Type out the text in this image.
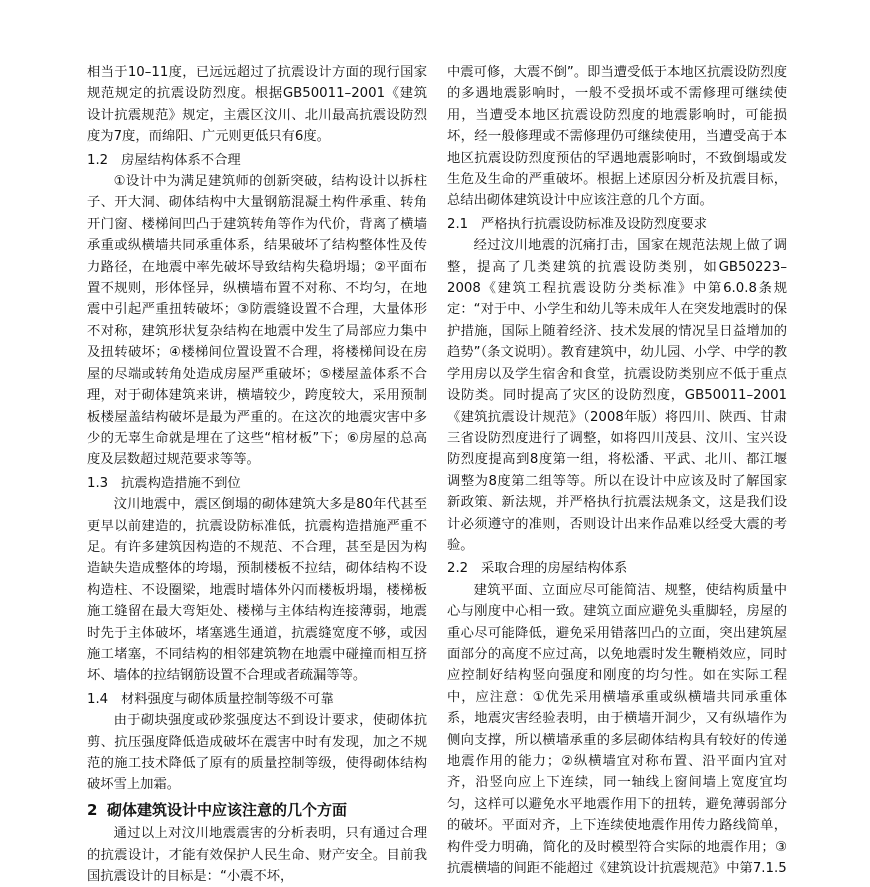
相当于10–11度，已远远超过了抗震设计方面的现行国家规范规定的抗震设防烈度。根据GB50011–2001《建筑设计抗震规范》规定，主震区汶川、北川最高抗震设防烈度为7度，而绵阳、广元则更低只有6度。

1.2 房屋结构体系不合理

①设计中为满足建筑师的创新突破，结构设计以拆柱子、开大洞、砌体结构中大量钢筋混凝土构件承重、转角开门窗、楼梯间凹凸于建筑转角等作为代价，背离了横墙承重或纵横墙共同承重体系，结果破坏了结构整体性及传力路径，在地震中率先破坏导致结构失稳坍塌；②平面布置不规则，形体怪异，纵横墙布置不对称、不均匀，在地震中引起严重扭转破坏；③防震缝设置不合理，大量体形不对称，建筑形状复杂结构在地震中发生了局部应力集中及扭转破坏；④楼梯间位置设置不合理，将楼梯间设在房屋的尽端或转角处造成房屋严重破坏；⑤楼屋盖体系不合理，对于砌体建筑来讲，横墙较少，跨度较大，采用预制板楼屋盖结构破坏是最为严重的。在这次的地震灾害中多少的无辜生命就是埋在了这些“棺材板”下；⑥房屋的总高度及层数超过规范要求等等。

1.3 抗震构造措施不到位

汶川地震中，震区倒塌的砌体建筑大多是80年代甚至更早以前建造的，抗震设防标准低，抗震构造措施严重不足。有许多建筑因构造的不规范、不合理，甚至是因为构造缺失造成整体的垮塌，预制楼板不拉结，砌体结构不设构造柱、不设圈梁，地震时墙体外闪而楼板坍塌，楼梯板施工缝留在最大弯矩处、楼梯与主体结构连接薄弱，地震时先于主体破坏，堵塞逃生通道，抗震缝宽度不够，或因施工堵塞，不同结构的相邻建筑物在地震中碰撞而相互挤坏、墙体的拉结钢筋设置不合理或者疏漏等等。

1.4 材料强度与砌体质量控制等级不可靠

由于砌块强度或砂浆强度达不到设计要求，使砌体抗剪、抗压强度降低造成破坏在震害中时有发现，加之不规范的施工技术降低了原有的质量控制等级，使得砌体结构破坏雪上加霜。

2 砌体建筑设计中应该注意的几个方面

通过以上对汶川地震震害的分析表明，只有通过合理的抗震设计，才能有效保护人民生命、财产安全。目前我国抗震设计的目标是：“小震不坏，

中震可修，大震不倒”。即当遭受低于本地区抗震设防烈度的多遇地震影响时，一般不受损坏或不需修理可继续使用，当遭受本地区抗震设防烈度的地震影响时，可能损坏，经一般修理或不需修理仍可继续使用，当遭受高于本地区抗震设防烈度预估的罕遇地震影响时，不致倒塌或发生危及生命的严重破坏。根据上述原因分析及抗震目标，总结出砌体建筑设计中应该注意的几个方面。

2.1 严格执行抗震设防标准及设防烈度要求

经过汶川地震的沉痛打击，国家在规范法规上做了调整，提高了几类建筑的抗震设防类别，如GB50223–2008《建筑工程抗震设防分类标准》中第6.0.8条规定：“对于中、小学生和幼儿等未成年人在突发地震时的保护措施，国际上随着经济、技术发展的情况呈日益增加的趋势”（条文说明）。教育建筑中，幼儿园、小学、中学的教学用房以及学生宿舍和食堂，抗震设防类别应不低于重点设防类。同时提高了灾区的设防烈度，GB50011–2001《建筑抗震设计规范》（2008年版）将四川、陕西、甘肃三省设防烈度进行了调整，如将四川茂县、汶川、宝兴设防烈度提高到8度第一组，将松潘、平武、北川、都江堰调整为8度第二组等等。所以在设计中应该及时了解国家新政策、新法规，并严格执行抗震法规条文，这是我们设计必须遵守的准则，否则设计出来作品难以经受大震的考验。

2.2 采取合理的房屋结构体系

建筑平面、立面应尽可能简洁、规整，使结构质量中心与刚度中心相一致。建筑立面应避免头重脚轻，房屋的重心尽可能降低，避免采用错落凹凸的立面，突出建筑屋面部分的高度不应过高，以免地震时发生鞭梢效应，同时应控制好结构竖向强度和刚度的均匀性。如在实际工程中，应注意：①优先采用横墙承重或纵横墙共同承重体系，地震灾害经验表明，由于横墙开洞少，又有纵墙作为侧向支撑，所以横墙承重的多层砌体结构具有较好的传递地震作用的能力；②纵横墙宜对称布置、沿平面内宜对齐，沿竖向应上下连续，同一轴线上窗间墙上宽度宜均匀，这样可以避免水平地震作用下的扭转，避免薄弱部分的破坏。平面对齐，上下连续使地震作用传力路线简单，构件受力明确，简化的及时模型符合实际的地震作用；③抗震横墙的间距不能超过《建筑设计抗震规范》中第7.1.5
